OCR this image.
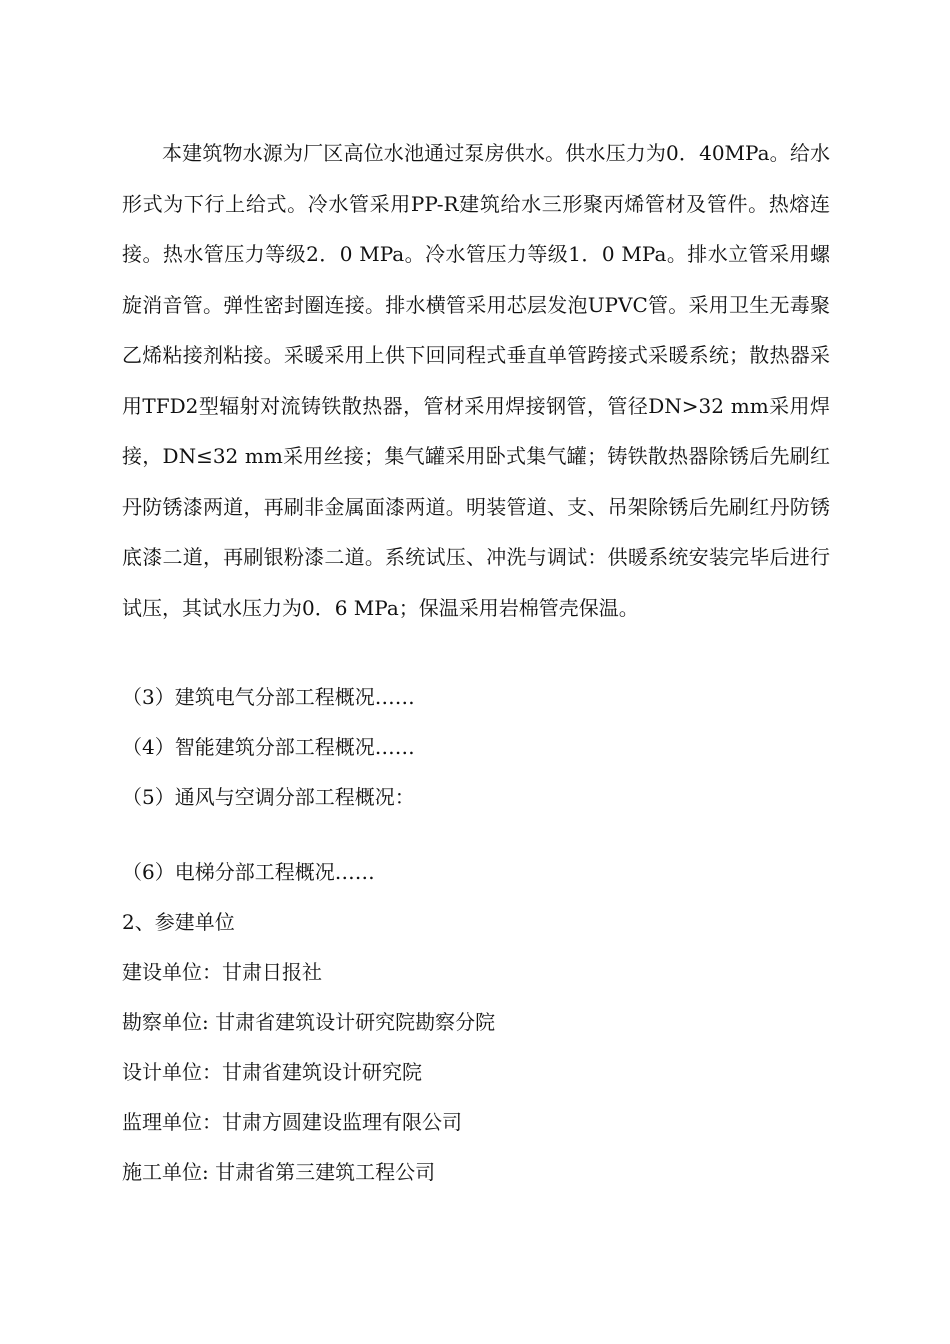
本建筑物水源为厂区高位水池通过泵房供水。供水压力为0．40MPa。给水形式为下行上给式。冷水管采用PP-R建筑给水三形聚丙烯管材及管件。热熔连接。热水管压力等级2．0 MPa。冷水管压力等级1．0 MPa。排水立管采用螺旋消音管。弹性密封圈连接。排水横管采用芯层发泡UPVC管。采用卫生无毒聚乙烯粘接剂粘接。采暖采用上供下回同程式垂直单管跨接式采暖系统；散热器采用TFD2型辐射对流铸铁散热器，管材采用焊接钢管，管径DN>32 mm采用焊接，DN≤32 mm采用丝接；集气罐采用卧式集气罐；铸铁散热器除锈后先刷红丹防锈漆两道，再刷非金属面漆两道。明装管道、支、吊架除锈后先刷红丹防锈底漆二道，再刷银粉漆二道。系统试压、冲洗与调试：供暖系统安装完毕后进行试压，其试水压力为0．6 MPa；保温采用岩棉管壳保温。

（3）建筑电气分部工程概况……

（4）智能建筑分部工程概况……

（5）通风与空调分部工程概况：

（6）电梯分部工程概况……

2、参建单位

建设单位：甘肃日报社

勘察单位: 甘肃省建筑设计研究院勘察分院

设计单位：甘肃省建筑设计研究院

监理单位：甘肃方圆建设监理有限公司

施工单位: 甘肃省第三建筑工程公司
